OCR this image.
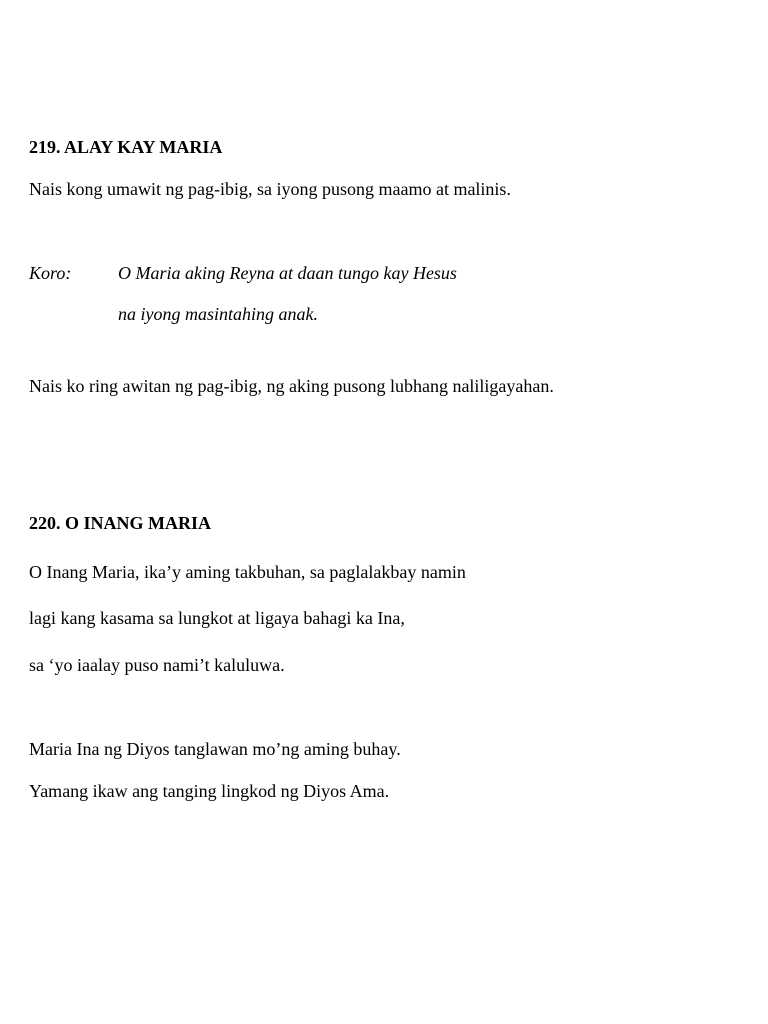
219. ALAY KAY MARIA

Nais kong umawit ng pag-ibig, sa iyong pusong maamo at malinis.

Koro:	O Maria aking Reyna at daan tungo kay Hesus
na iyong masintahing anak.

Nais ko ring awitan ng pag-ibig, ng aking pusong lubhang naliligayahan.

220. O INANG MARIA

O Inang Maria, ika’y aming takbuhan, sa paglalakbay namin

lagi kang kasama sa lungkot at ligaya bahagi ka Ina,

sa ‘yo iaalay puso nami’t kaluluwa.

Maria Ina ng Diyos tanglawan mo’ng aming buhay.

Yamang ikaw ang tanging lingkod ng Diyos Ama.
